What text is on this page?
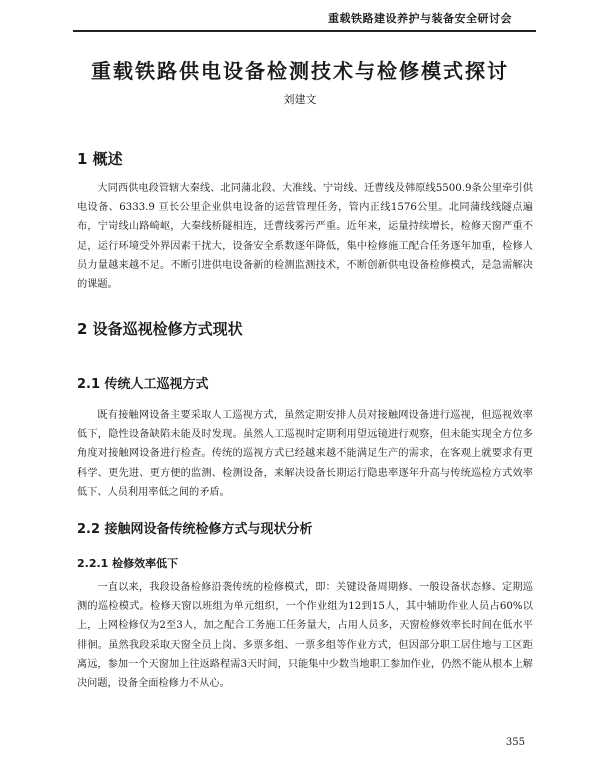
重载铁路建设养护与装备安全研讨会
重载铁路供电设备检测技术与检修模式探讨
刘建文
1 概述

大同西供电段管辖大秦线、北同蒲北段、大准线、宁岢线、迁曹线及韩原线5500.9条公里牵引供电设备、6333.9 亘长公里企业供电设备的运营管理任务，管内正线1576公里。北同蒲线线隧点遍布，宁岢线山路崎岖，大秦线桥隧相连，迁曹线雾污严重。近年来，运量持续增长，检修天窗严重不足，运行环境受外界因素干扰大，设备安全系数逐年降低，集中检修施工配合任务逐年加重，检修人员力量越来越不足。不断引进供电设备新的检测监测技术，不断创新供电设备检修模式，是急需解决的课题。

2 设备巡视检修方式现状
2.1 传统人工巡视方式

既有接触网设备主要采取人工巡视方式，虽然定期安排人员对接触网设备进行巡视，但巡视效率低下，隐性设备缺陷未能及时发现。虽然人工巡视时定期利用望远镜进行观察，但未能实现全方位多角度对接触网设备进行检查。传统的巡视方式已经越来越不能满足生产的需求，在客观上就要求有更科学、更先进、更方便的监测、检测设备，来解决设备长期运行隐患率逐年升高与传统巡检方式效率低下、人员利用率低之间的矛盾。

2.2 接触网设备传统检修方式与现状分析
2.2.1 检修效率低下

一直以来，我段设备检修沿袭传统的检修模式，即：关键设备周期修、一般设备状态修、定期巡测的巡检模式。检修天窗以班组为单元组织，一个作业组为12到15人，其中辅助作业人员占60%以上，上网检修仅为2至3人，加之配合工务施工任务量大，占用人员多，天窗检修效率长时间在低水平徘徊。虽然我段采取天窗全员上岗、多票多组、一票多组等作业方式，但因部分职工居住地与工区距离远，参加一个天窗加上往返路程需3天时间，只能集中少数当地职工参加作业，仍然不能从根本上解决问题，设备全面检修力不从心。

355
